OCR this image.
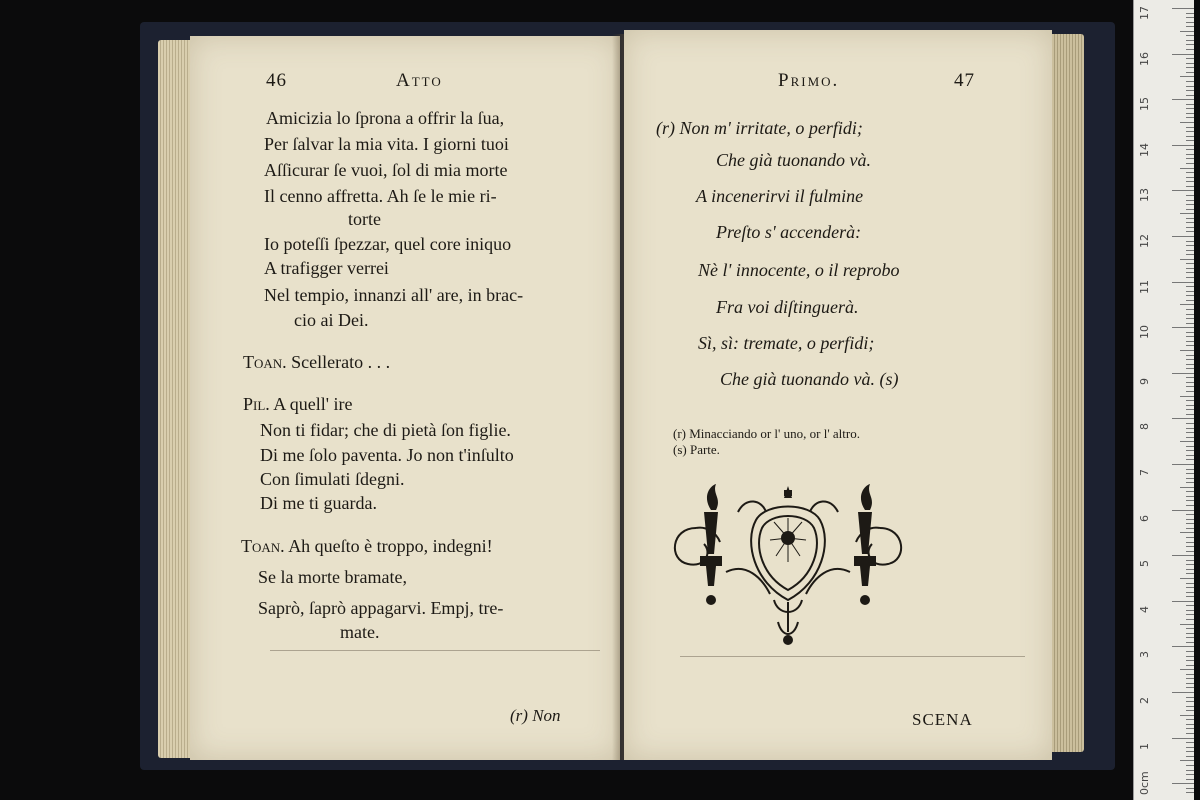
46	Atto
Amicizia lo ſprona a offrir la ſua,
Per ſalvar la mia vita. I giorni tuoi
Aſſicurar ſe vuoi, ſol di mia morte
Il cenno affretta. Ah ſe le mie ri-
torte
Io poteſſi ſpezzar, quel core iniquo
A trafigger verrei
Nel tempio, innanzi all' are, in brac-
cio ai Dei.
Toan. Scellerato . . .
Pil. A quell' ire
Non ti fidar; che di pietà ſon figlie.
Di me ſolo paventa. Jo non t'inſulto
Con ſimulati ſdegni.
Di me ti guarda.
Toan. Ah queſto è troppo, indegni!
Se la morte bramate,
Saprò, ſaprò appagarvi. Empj, tre-
mate.
(r) Non
Primo.	47
(r) Non m' irritate, o perfidi;
Che già tuonando và.
A incenerirvi il fulmine
Preſto s' accenderà:
Nè l' innocente, o il reprobo
Fra voi diſtinguerà.
Sì, sì: tremate, o perfidi;
Che già tuonando và. (s)
(r) Minacciando or l' uno, or l' altro.
(s) Parte.
SCENA
17
16
15
14
13
12
11
10
9
8
7
6
5
4
3
2
1
0cm
